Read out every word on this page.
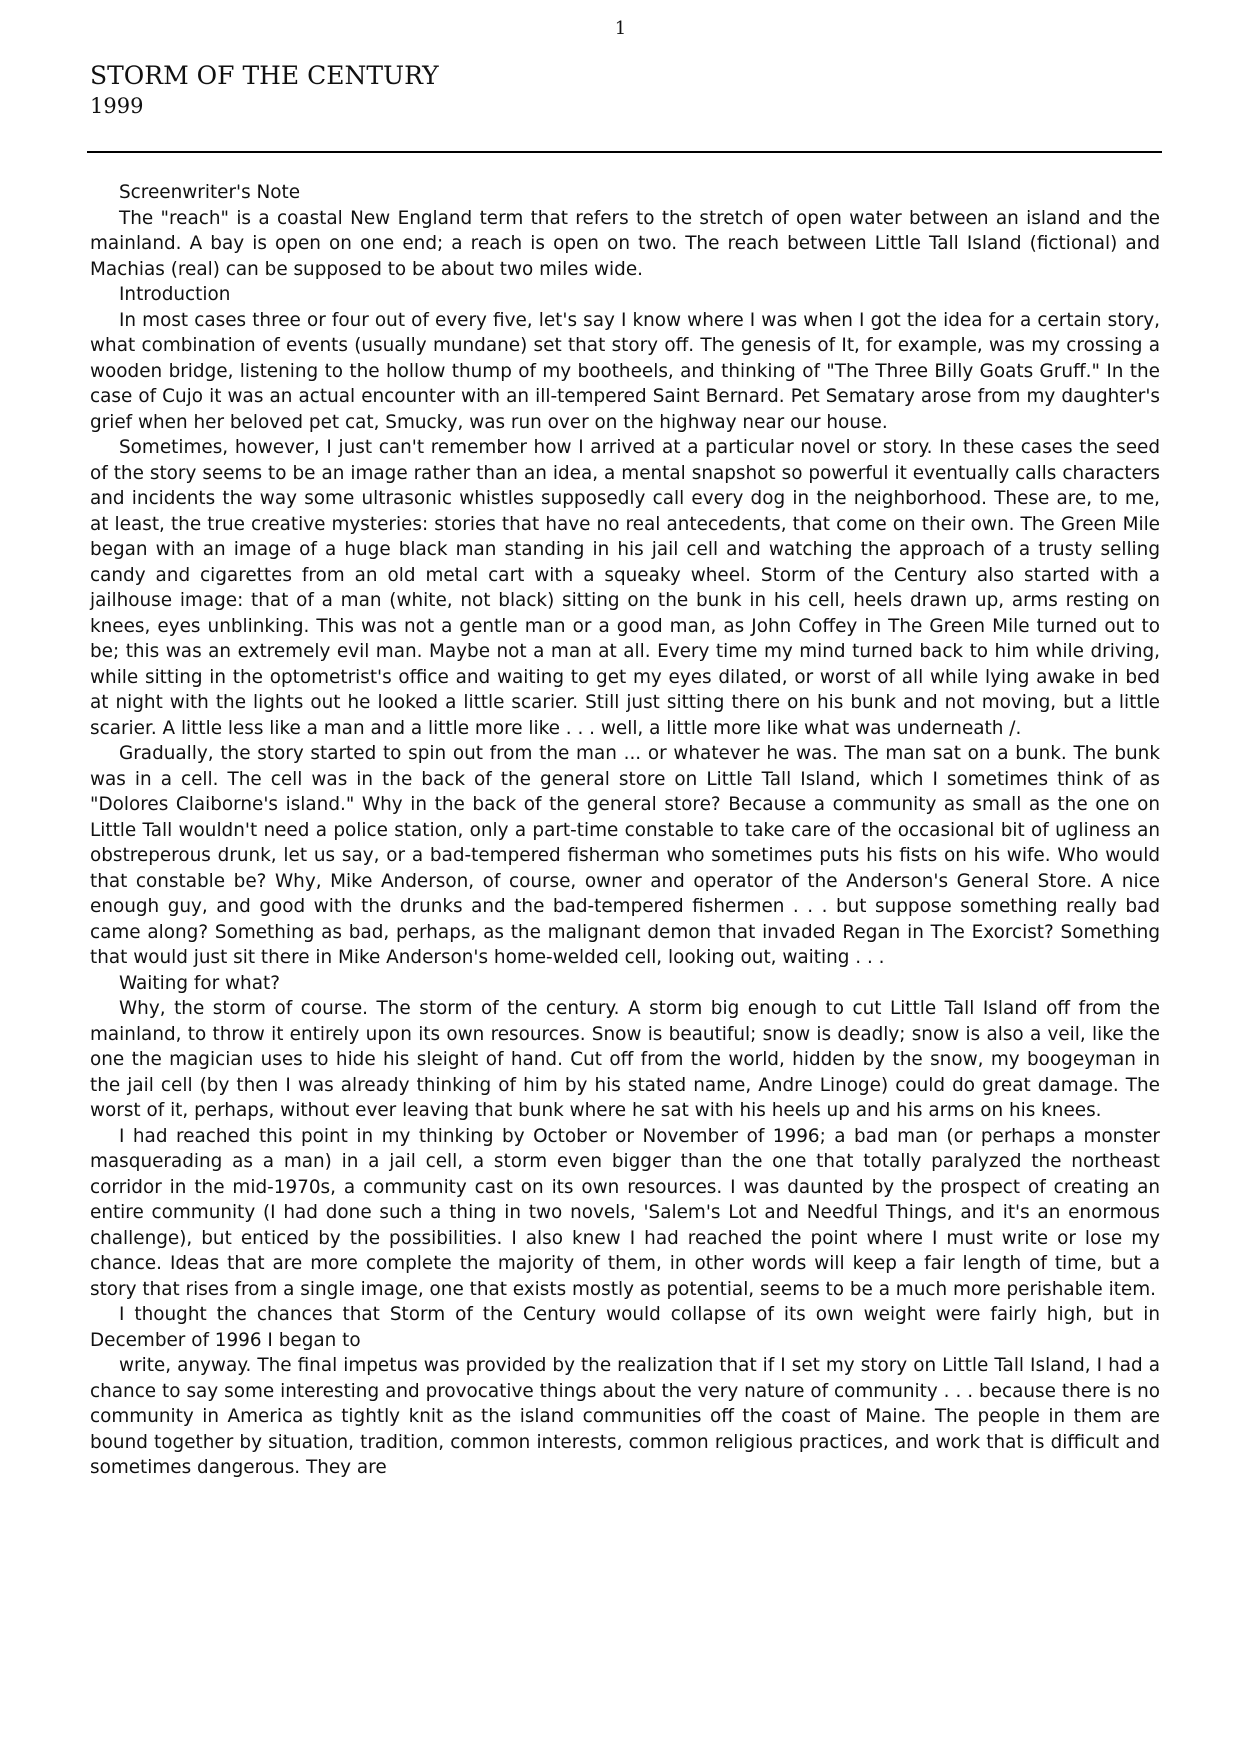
1
STORM OF THE CENTURY
1999

Screenwriter's Note

The "reach" is a coastal New England term that refers to the stretch of open water between an island and the mainland. A bay is open on one end; a reach is open on two. The reach between Little Tall Island (fictional) and Machias (real) can be supposed to be about two miles wide.

Introduction

In most cases three or four out of every five, let's say I know where I was when I got the idea for a certain story, what combination of events (usually mundane) set that story off. The genesis of It, for example, was my crossing a wooden bridge, listening to the hollow thump of my bootheels, and thinking of "The Three Billy Goats Gruff." In the case of Cujo it was an actual encounter with an ill-tempered Saint Bernard. Pet Sematary arose from my daughter's grief when her beloved pet cat, Smucky, was run over on the highway near our house.

Sometimes, however, I just can't remember how I arrived at a particular novel or story. In these cases the seed of the story seems to be an image rather than an idea, a mental snapshot so powerful it eventually calls characters and incidents the way some ultrasonic whistles supposedly call every dog in the neighborhood. These are, to me, at least, the true creative mysteries: stories that have no real antecedents, that come on their own. The Green Mile began with an image of a huge black man standing in his jail cell and watching the approach of a trusty selling candy and cigarettes from an old metal cart with a squeaky wheel. Storm of the Century also started with a jailhouse image: that of a man (white, not black) sitting on the bunk in his cell, heels drawn up, arms resting on knees, eyes unblinking. This was not a gentle man or a good man, as John Coffey in The Green Mile turned out to be; this was an extremely evil man. Maybe not a man at all. Every time my mind turned back to him while driving, while sitting in the optometrist's office and waiting to get my eyes dilated, or worst of all while lying awake in bed at night with the lights out he looked a little scarier. Still just sitting there on his bunk and not moving, but a little scarier. A little less like a man and a little more like . . . well, a little more like what was underneath /.

Gradually, the story started to spin out from the man ... or whatever he was. The man sat on a bunk. The bunk was in a cell. The cell was in the back of the general store on Little Tall Island, which I sometimes think of as "Dolores Claiborne's island." Why in the back of the general store? Because a community as small as the one on Little Tall wouldn't need a police station, only a part-time constable to take care of the occasional bit of ugliness an obstreperous drunk, let us say, or a bad-tempered fisherman who sometimes puts his fists on his wife. Who would that constable be? Why, Mike Anderson, of course, owner and operator of the Anderson's General Store. A nice enough guy, and good with the drunks and the bad-tempered fishermen . . . but suppose something really bad came along? Something as bad, perhaps, as the malignant demon that invaded Regan in The Exorcist? Something that would just sit there in Mike Anderson's home-welded cell, looking out, waiting . . .

Waiting for what?

Why, the storm of course. The storm of the century. A storm big enough to cut Little Tall Island off from the mainland, to throw it entirely upon its own resources. Snow is beautiful; snow is deadly; snow is also a veil, like the one the magician uses to hide his sleight of hand. Cut off from the world, hidden by the snow, my boogeyman in the jail cell (by then I was already thinking of him by his stated name, Andre Linoge) could do great damage. The worst of it, perhaps, without ever leaving that bunk where he sat with his heels up and his arms on his knees.

I had reached this point in my thinking by October or November of 1996; a bad man (or perhaps a monster masquerading as a man) in a jail cell, a storm even bigger than the one that totally paralyzed the northeast corridor in the mid-1970s, a community cast on its own resources. I was daunted by the prospect of creating an entire community (I had done such a thing in two novels, 'Salem's Lot and Needful Things, and it's an enormous challenge), but enticed by the possibilities. I also knew I had reached the point where I must write or lose my chance. Ideas that are more complete the majority of them, in other words will keep a fair length of time, but a story that rises from a single image, one that exists mostly as potential, seems to be a much more perishable item.

I thought the chances that Storm of the Century would collapse of its own weight were fairly high, but in December of 1996 I began to

write, anyway. The final impetus was provided by the realization that if I set my story on Little Tall Island, I had a chance to say some interesting and provocative things about the very nature of community . . . because there is no community in America as tightly knit as the island communities off the coast of Maine. The people in them are bound together by situation, tradition, common interests, common religious practices, and work that is difficult and sometimes dangerous. They are
